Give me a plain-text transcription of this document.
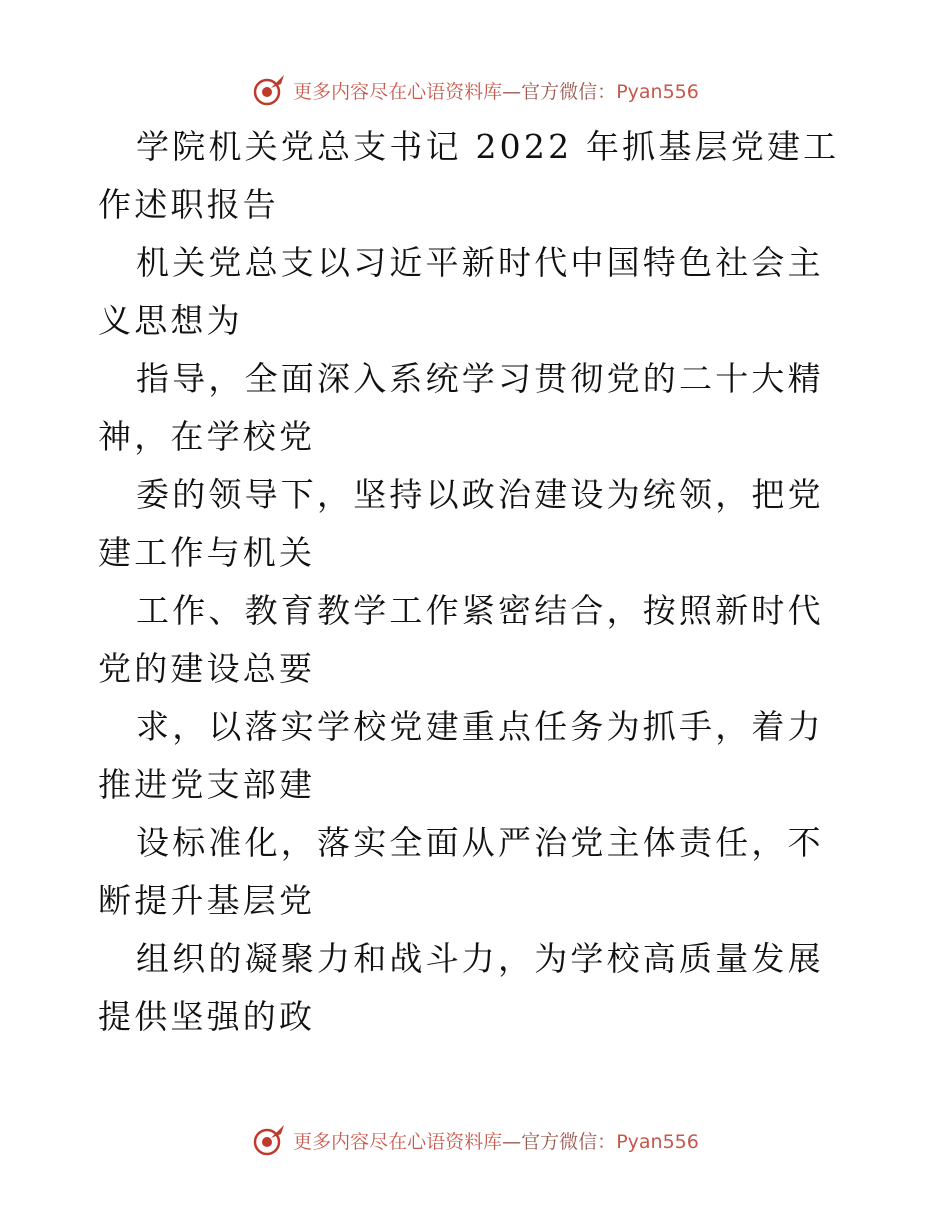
更多内容尽在心语资料库—官方微信：Pyan556

学院机关党总支书记 2022 年抓基层党建工作述职报告

机关党总支以习近平新时代中国特色社会主义思想为

指导，全面深入系统学习贯彻党的二十大精神，在学校党

委的领导下，坚持以政治建设为统领，把党建工作与机关

工作、教育教学工作紧密结合，按照新时代党的建设总要

求，以落实学校党建重点任务为抓手，着力推进党支部建

设标准化，落实全面从严治党主体责任，不断提升基层党

组织的凝聚力和战斗力，为学校高质量发展提供坚强的政

更多内容尽在心语资料库—官方微信：Pyan556
